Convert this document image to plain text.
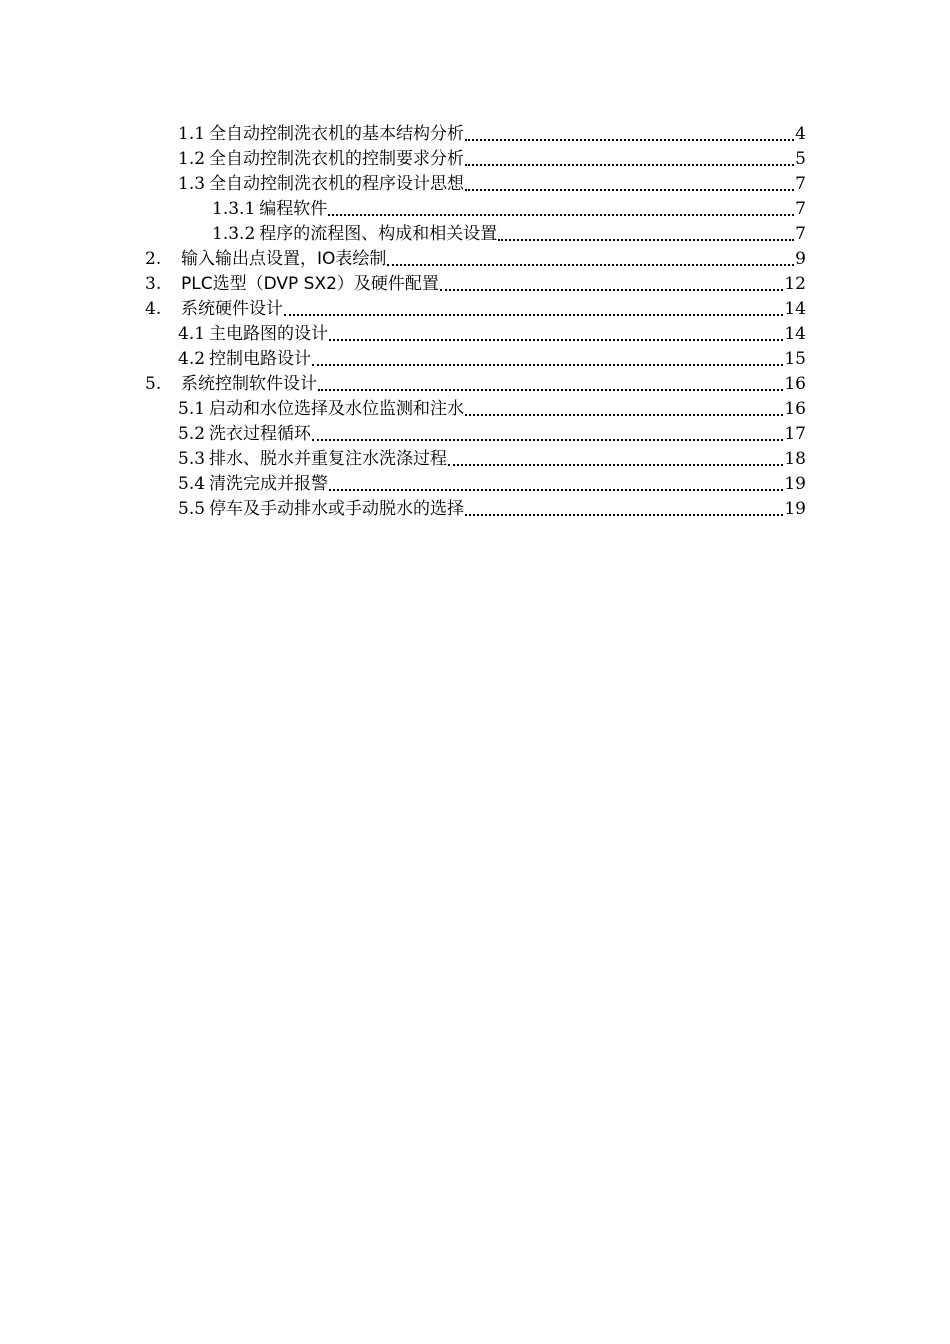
1.1 全自动控制洗衣机的基本结构分析	4
1.2 全自动控制洗衣机的控制要求分析	5
1.3 全自动控制洗衣机的程序设计思想	7
1.3.1 编程软件	7
1.3.2 程序的流程图、构成和相关设置	7
2.	输入输出点设置，IO表绘制	9
3.	PLC选型（DVP SX2）及硬件配置	12
4.	系统硬件设计	14
4.1 主电路图的设计	14
4.2 控制电路设计	15
5.	系统控制软件设计	16
5.1 启动和水位选择及水位监测和注水	16
5.2 洗衣过程循环	17
5.3 排水、脱水并重复注水洗涤过程	18
5.4 清洗完成并报警	19
5.5 停车及手动排水或手动脱水的选择	19
